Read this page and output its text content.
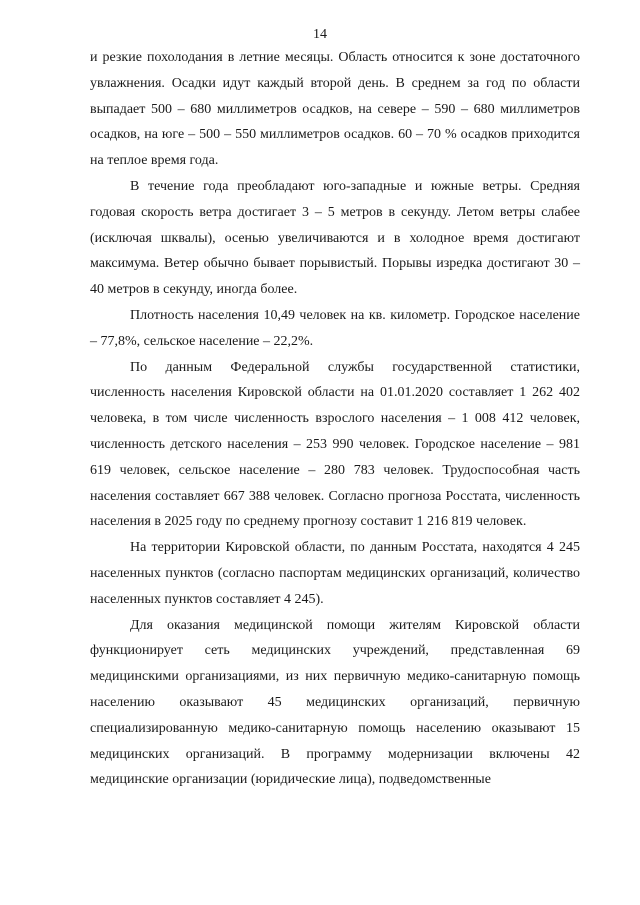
14

и резкие похолодания в летние месяцы. Область относится к зоне достаточного увлажнения. Осадки идут каждый второй день. В среднем за год по области выпадает 500 – 680 миллиметров осадков, на севере – 590 – 680 миллиметров осадков, на юге – 500 – 550 миллиметров осадков. 60 – 70 % осадков приходится на теплое время года.

В течение года преобладают юго-западные и южные ветры. Средняя годовая скорость ветра достигает 3 – 5 метров в секунду. Летом ветры слабее (исключая шквалы), осенью увеличиваются и в холодное время достигают максимума. Ветер обычно бывает порывистый. Порывы изредка достигают 30 – 40 метров в секунду, иногда более.

Плотность населения 10,49 человек на кв. километр. Городское население – 77,8%, сельское население – 22,2%.

По данным Федеральной службы государственной статистики, численность населения Кировской области на 01.01.2020 составляет 1 262 402 человека, в том числе численность взрослого населения – 1 008 412 человек, численность детского населения – 253 990 человек. Городское население – 981 619 человек, сельское население – 280 783 человек. Трудоспособная часть населения составляет 667 388 человек. Согласно прогноза Росстата, численность населения в 2025 году по среднему прогнозу составит 1 216 819 человек.

На территории Кировской области, по данным Росстата, находятся 4 245 населенных пунктов (согласно паспортам медицинских организаций, количество населенных пунктов составляет 4 245).

Для оказания медицинской помощи жителям Кировской области функционирует сеть медицинских учреждений, представленная 69 медицинскими организациями, из них первичную медико-санитарную помощь населению оказывают 45 медицинских организаций, первичную специализированную медико-санитарную помощь населению оказывают 15 медицинских организаций. В программу модернизации включены 42 медицинские организации (юридические лица), подведомственные
